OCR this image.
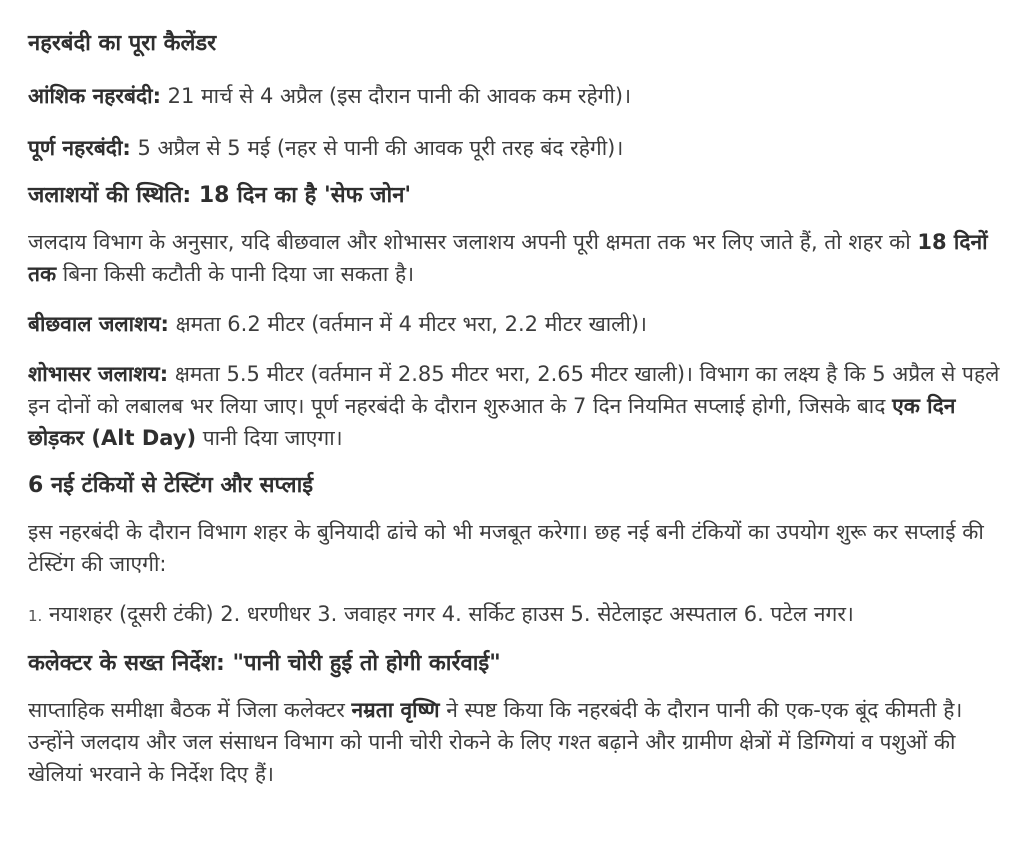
नहरबंदी का पूरा कैलेंडर

आंशिक नहरबंदी: 21 मार्च से 4 अप्रैल (इस दौरान पानी की आवक कम रहेगी)।

पूर्ण नहरबंदी: 5 अप्रैल से 5 मई (नहर से पानी की आवक पूरी तरह बंद रहेगी)।

जलाशयों की स्थिति: 18 दिन का है 'सेफ जोन'

जलदाय विभाग के अनुसार, यदि बीछवाल और शोभासर जलाशय अपनी पूरी क्षमता तक भर लिए जाते हैं, तो शहर को 18 दिनों तक बिना किसी कटौती के पानी दिया जा सकता है।

बीछवाल जलाशय: क्षमता 6.2 मीटर (वर्तमान में 4 मीटर भरा, 2.2 मीटर खाली)।

शोभासर जलाशय: क्षमता 5.5 मीटर (वर्तमान में 2.85 मीटर भरा, 2.65 मीटर खाली)। विभाग का लक्ष्य है कि 5 अप्रैल से पहले इन दोनों को लबालब भर लिया जाए। पूर्ण नहरबंदी के दौरान शुरुआत के 7 दिन नियमित सप्लाई होगी, जिसके बाद एक दिन छोड़कर (Alt Day) पानी दिया जाएगा।

6 नई टंकियों से टेस्टिंग और सप्लाई

इस नहरबंदी के दौरान विभाग शहर के बुनियादी ढांचे को भी मजबूत करेगा। छह नई बनी टंकियों का उपयोग शुरू कर सप्लाई की टेस्टिंग की जाएगी:

1. नयाशहर (दूसरी टंकी) 2. धरणीधर 3. जवाहर नगर 4. सर्किट हाउस 5. सेटेलाइट अस्पताल 6. पटेल नगर।

कलेक्टर के सख्त निर्देश: "पानी चोरी हुई तो होगी कार्रवाई"

साप्ताहिक समीक्षा बैठक में जिला कलेक्टर नम्रता वृष्णि ने स्पष्ट किया कि नहरबंदी के दौरान पानी की एक-एक बूंद कीमती है। उन्होंने जलदाय और जल संसाधन विभाग को पानी चोरी रोकने के लिए गश्त बढ़ाने और ग्रामीण क्षेत्रों में डिग्गियां व पशुओं की खेलियां भरवाने के निर्देश दिए हैं।
